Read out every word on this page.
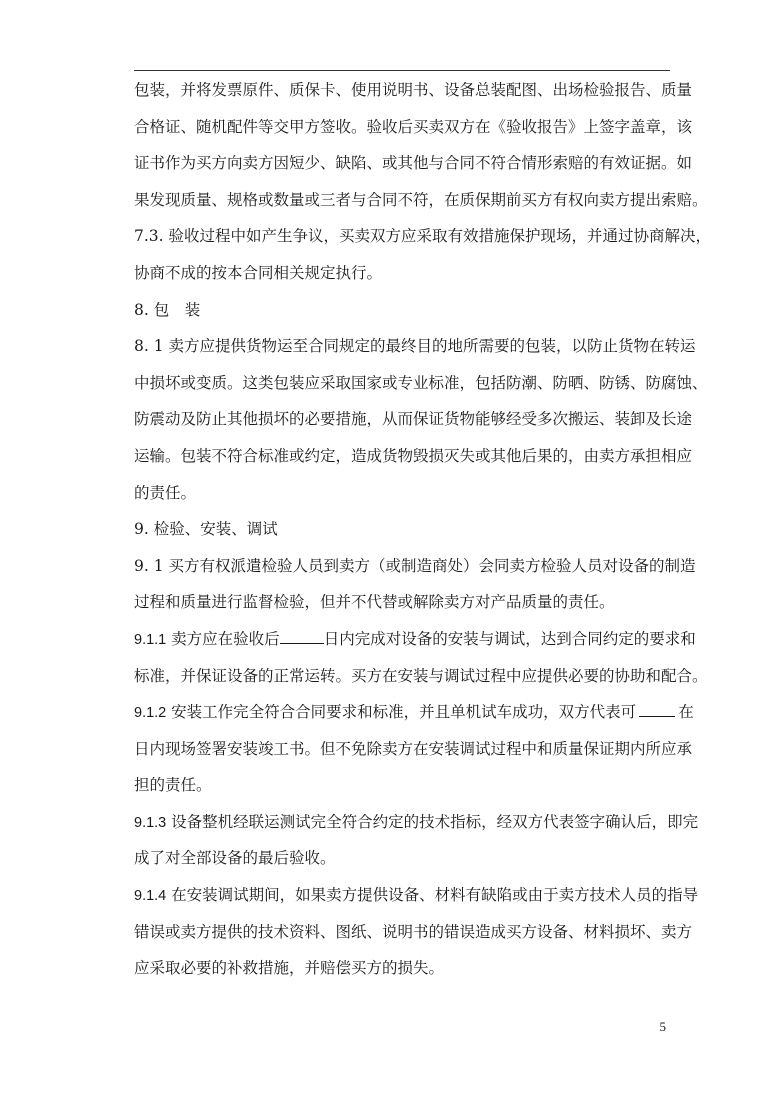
包装，并将发票原件、质保卡、使用说明书、设备总装配图、出场检验报告、质量
合格证、随机配件等交甲方签收。验收后买卖双方在《验收报告》上签字盖章，该
证书作为买方向卖方因短少、缺陷、或其他与合同不符合情形索赔的有效证据。如
果发现质量、规格或数量或三者与合同不符，在质保期前买方有权向卖方提出索赔。
7.3. 验收过程中如产生争议，买卖双方应采取有效措施保护现场，并通过协商解决，
协商不成的按本合同相关规定执行。
8. 包　装
8. 1 卖方应提供货物运至合同规定的最终目的地所需要的包装，以防止货物在转运
中损坏或变质。这类包装应采取国家或专业标准，包括防潮、防晒、防锈、防腐蚀、
防震动及防止其他损坏的必要措施，从而保证货物能够经受多次搬运、装卸及长途
运输。包装不符合标准或约定，造成货物毁损灭失或其他后果的，由卖方承担相应
的责任。
9. 检验、安装、调试
9. 1 买方有权派遣检验人员到卖方（或制造商处）会同卖方检验人员对设备的制造
过程和质量进行监督检验，但并不代替或解除卖方对产品质量的责任。
9.1.1 卖方应在验收后	日内完成对设备的安装与调试，达到合同约定的要求和
标准，并保证设备的正常运转。买方在安装与调试过程中应提供必要的协助和配合。
9.1.2 安装工作完全符合合同要求和标准，并且单机试车成功，双方代表可	在
日内现场签署安装竣工书。但不免除卖方在安装调试过程中和质量保证期内所应承
担的责任。
9.1.3 设备整机经联运测试完全符合约定的技术指标，经双方代表签字确认后，即完
成了对全部设备的最后验收。
9.1.4 在安装调试期间，如果卖方提供设备、材料有缺陷或由于卖方技术人员的指导
错误或卖方提供的技术资料、图纸、说明书的错误造成买方设备、材料损坏、卖方
应采取必要的补救措施，并赔偿买方的损失。
5
